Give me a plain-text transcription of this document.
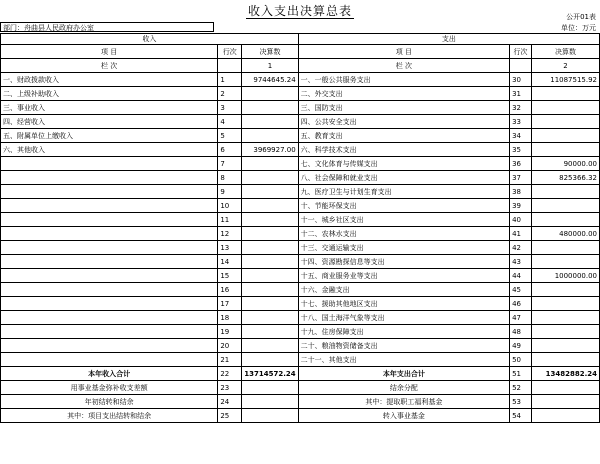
收入支出决算总表	公开01表
单位：万元
部门：舟曲县人民政府办公室
收入			支出		
项 目	行次	决算数	项 目	行次	决算数
栏 次		1	栏 次		2
一、财政拨款收入	1	9744645.24	一、一般公共服务支出	30	11087515.92
二、上级补助收入	2		二、外交支出	31	
三、事业收入	3		三、国防支出	32	
四、经营收入	4		四、公共安全支出	33	
五、附属单位上缴收入	5		五、教育支出	34	
六、其他收入	6	3969927.00	六、科学技术支出	35	
	7		七、文化体育与传媒支出	36	90000.00
	8		八、社会保障和就业支出	37	825366.32
	9		九、医疗卫生与计划生育支出	38	
	10		十、节能环保支出	39	
	11		十一、城乡社区支出	40	
	12		十二、农林水支出	41	480000.00
	13		十三、交通运输支出	42	
	14		十四、资源勘探信息等支出	43	
	15		十五、商业服务业等支出	44	1000000.00
	16		十六、金融支出	45	
	17		十七、援助其他地区支出	46	
	18		十八、国土海洋气象等支出	47	
	19		十九、住房保障支出	48	
	20		二十、粮油物资储备支出	49	
	21		二十一、其他支出	50	
本年收入合计	22	13714572.24	本年支出合计	51	13482882.24
用事业基金弥补收支差额	23		结余分配	52	
年初结转和结余	24		其中：提取职工福利基金	53	
其中：项目支出结转和结余	25		转入事业基金	54	
